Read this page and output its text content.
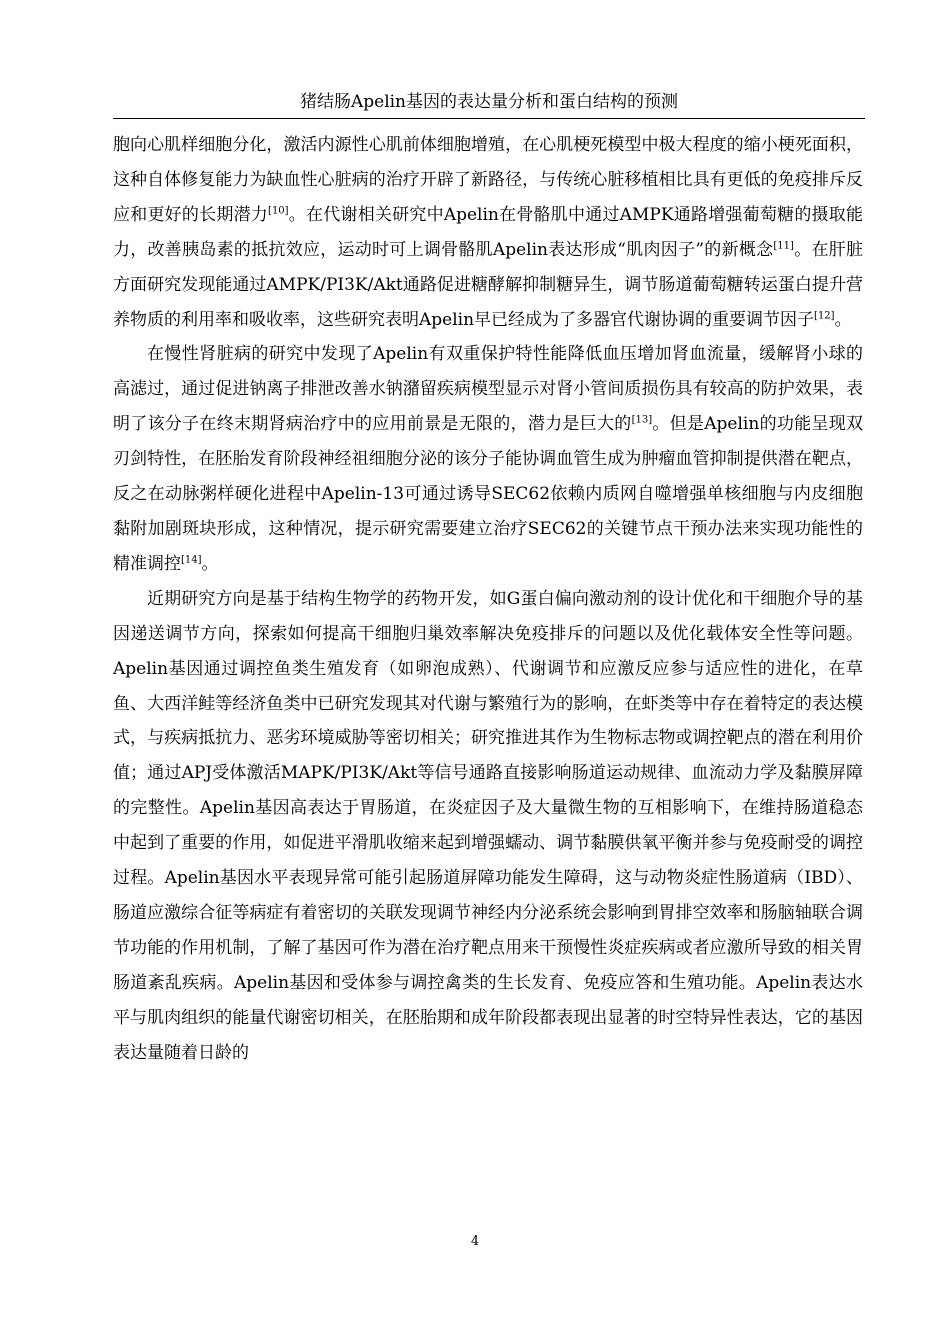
猪结肠Apelin基因的表达量分析和蛋白结构的预测

胞向心肌样细胞分化，激活内源性心肌前体细胞增殖，在心肌梗死模型中极大程度的缩小梗死面积，这种自体修复能力为缺血性心脏病的治疗开辟了新路径，与传统心脏移植相比具有更低的免疫排斥反应和更好的长期潜力[10]。在代谢相关研究中Apelin在骨骼肌中通过AMPK通路增强葡萄糖的摄取能力，改善胰岛素的抵抗效应，运动时可上调骨骼肌Apelin表达形成“肌肉因子”的新概念[11]。在肝脏方面研究发现能通过AMPK/PI3K/Akt通路促进糖酵解抑制糖异生，调节肠道葡萄糖转运蛋白提升营养物质的利用率和吸收率，这些研究表明Apelin早已经成为了多器官代谢协调的重要调节因子[12]。

在慢性肾脏病的研究中发现了Apelin有双重保护特性能降低血压增加肾血流量，缓解肾小球的高滤过，通过促进钠离子排泄改善水钠潴留疾病模型显示对肾小管间质损伤具有较高的防护效果，表明了该分子在终末期肾病治疗中的应用前景是无限的，潜力是巨大的[13]。但是Apelin的功能呈现双刃剑特性，在胚胎发育阶段神经祖细胞分泌的该分子能协调血管生成为肿瘤血管抑制提供潜在靶点，反之在动脉粥样硬化进程中Apelin-13可通过诱导SEC62依赖内质网自噬增强单核细胞与内皮细胞黏附加剧斑块形成，这种情况，提示研究需要建立治疗SEC62的关键节点干预办法来实现功能性的精准调控[14]。

近期研究方向是基于结构生物学的药物开发，如G蛋白偏向激动剂的设计优化和干细胞介导的基因递送调节方向，探索如何提高干细胞归巢效率解决免疫排斥的问题以及优化载体安全性等问题。Apelin基因通过调控鱼类生殖发育（如卵泡成熟）、代谢调节和应激反应参与适应性的进化，在草鱼、大西洋鲑等经济鱼类中已研究发现其对代谢与繁殖行为的影响，在虾类等中存在着特定的表达模式，与疾病抵抗力、恶劣环境威胁等密切相关；研究推进其作为生物标志物或调控靶点的潜在利用价值；通过APJ受体激活MAPK/PI3K/Akt等信号通路直接影响肠道运动规律、血流动力学及黏膜屏障的完整性。Apelin基因高表达于胃肠道，在炎症因子及大量微生物的互相影响下，在维持肠道稳态中起到了重要的作用，如促进平滑肌收缩来起到增强蠕动、调节黏膜供氧平衡并参与免疫耐受的调控过程。Apelin基因水平表现异常可能引起肠道屏障功能发生障碍，这与动物炎症性肠道病（IBD）、肠道应激综合征等病症有着密切的关联发现调节神经内分泌系统会影响到胃排空效率和肠脑轴联合调节功能的作用机制，了解了基因可作为潜在治疗靶点用来干预慢性炎症疾病或者应激所导致的相关胃肠道紊乱疾病。Apelin基因和受体参与调控禽类的生长发育、免疫应答和生殖功能。Apelin表达水平与肌肉组织的能量代谢密切相关，在胚胎期和成年阶段都表现出显著的时空特异性表达，它的基因表达量随着日龄的

4
